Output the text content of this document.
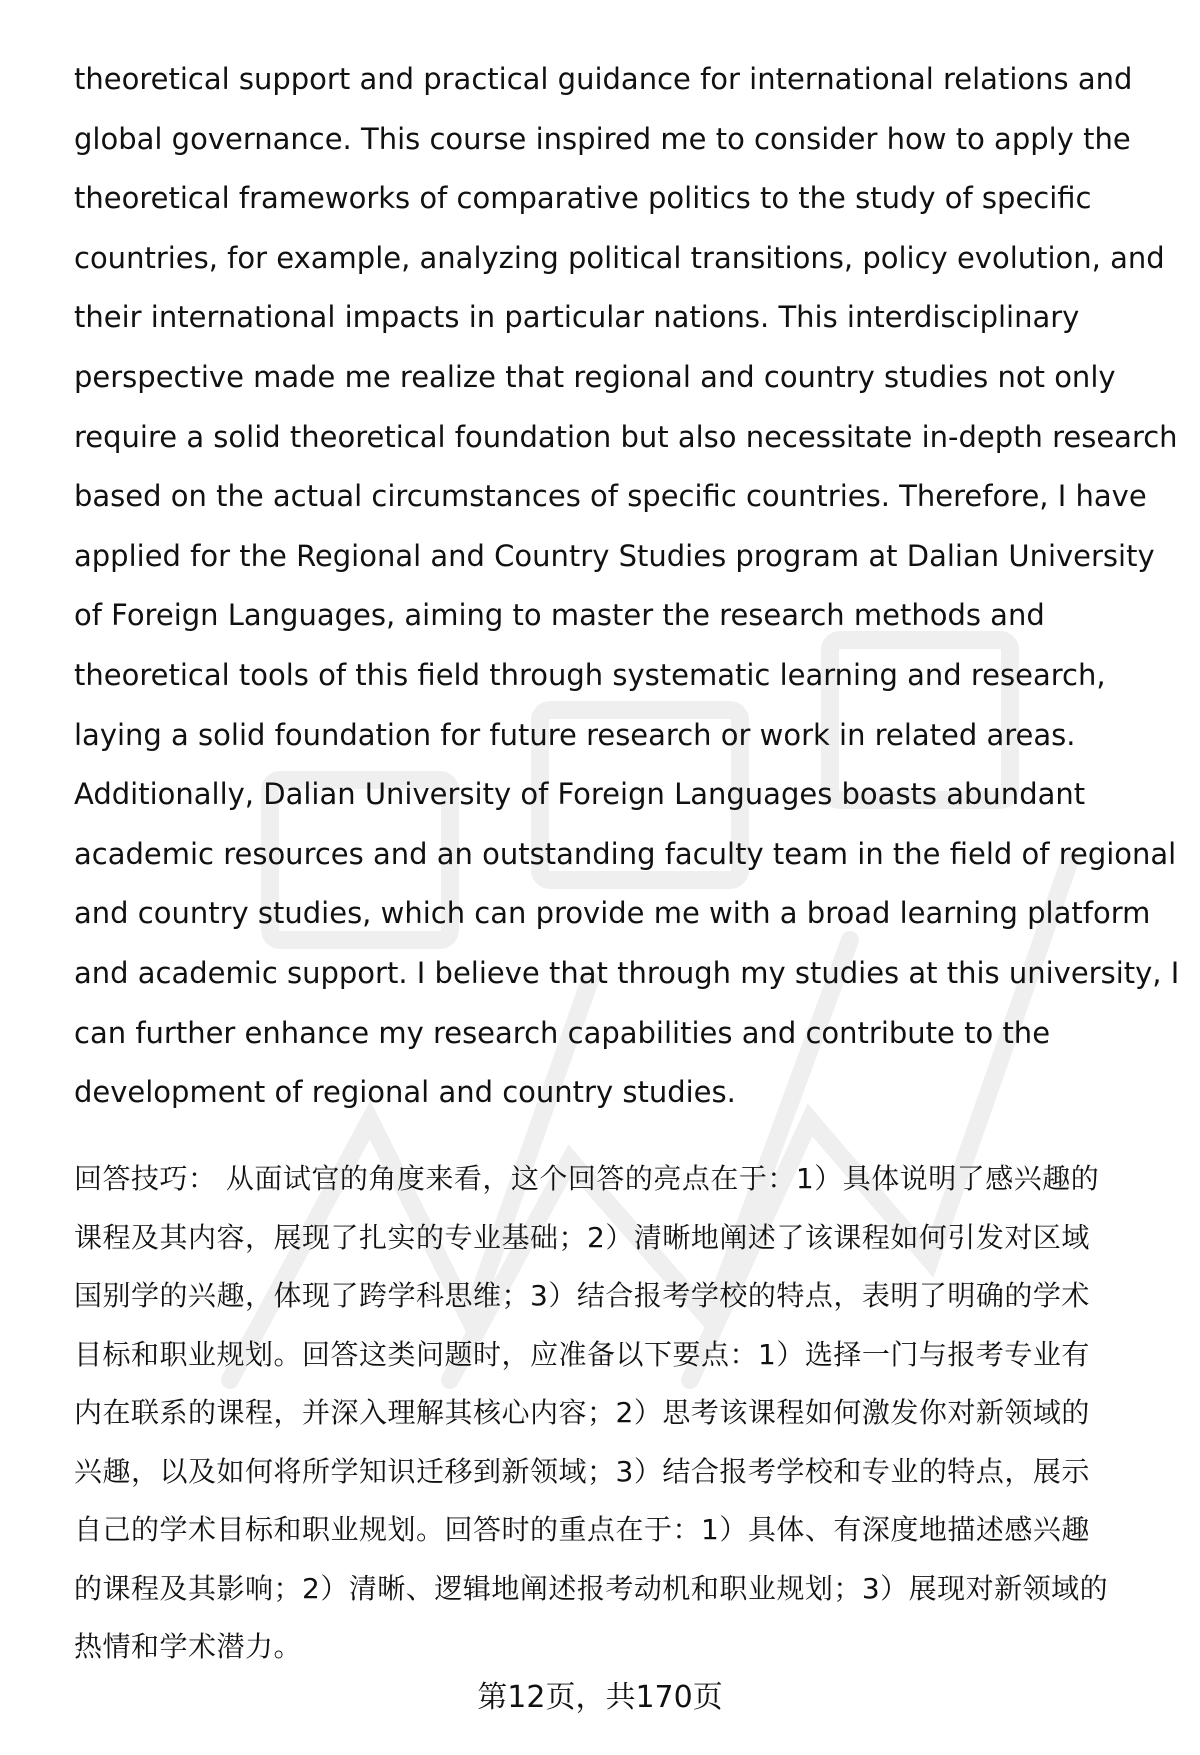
theoretical support and practical guidance for international relations and
global governance. This course inspired me to consider how to apply the
theoretical frameworks of comparative politics to the study of specific
countries, for example, analyzing political transitions, policy evolution, and
their international impacts in particular nations. This interdisciplinary
perspective made me realize that regional and country studies not only
require a solid theoretical foundation but also necessitate in-depth research
based on the actual circumstances of specific countries. Therefore, I have
applied for the Regional and Country Studies program at Dalian University
of Foreign Languages, aiming to master the research methods and
theoretical tools of this field through systematic learning and research,
laying a solid foundation for future research or work in related areas.
Additionally, Dalian University of Foreign Languages boasts abundant
academic resources and an outstanding faculty team in the field of regional
and country studies, which can provide me with a broad learning platform
and academic support. I believe that through my studies at this university, I
can further enhance my research capabilities and contribute to the
development of regional and country studies.
回答技巧： 从面试官的角度来看，这个回答的亮点在于：1）具体说明了感兴趣的
课程及其内容，展现了扎实的专业基础；2）清晰地阐述了该课程如何引发对区域
国别学的兴趣，体现了跨学科思维；3）结合报考学校的特点，表明了明确的学术
目标和职业规划。回答这类问题时，应准备以下要点：1）选择一门与报考专业有
内在联系的课程，并深入理解其核心内容；2）思考该课程如何激发你对新领域的
兴趣，以及如何将所学知识迁移到新领域；3）结合报考学校和专业的特点，展示
自己的学术目标和职业规划。回答时的重点在于：1）具体、有深度地描述感兴趣
的课程及其影响；2）清晰、逻辑地阐述报考动机和职业规划；3）展现对新领域的
热情和学术潜力。
第12页，共170页
